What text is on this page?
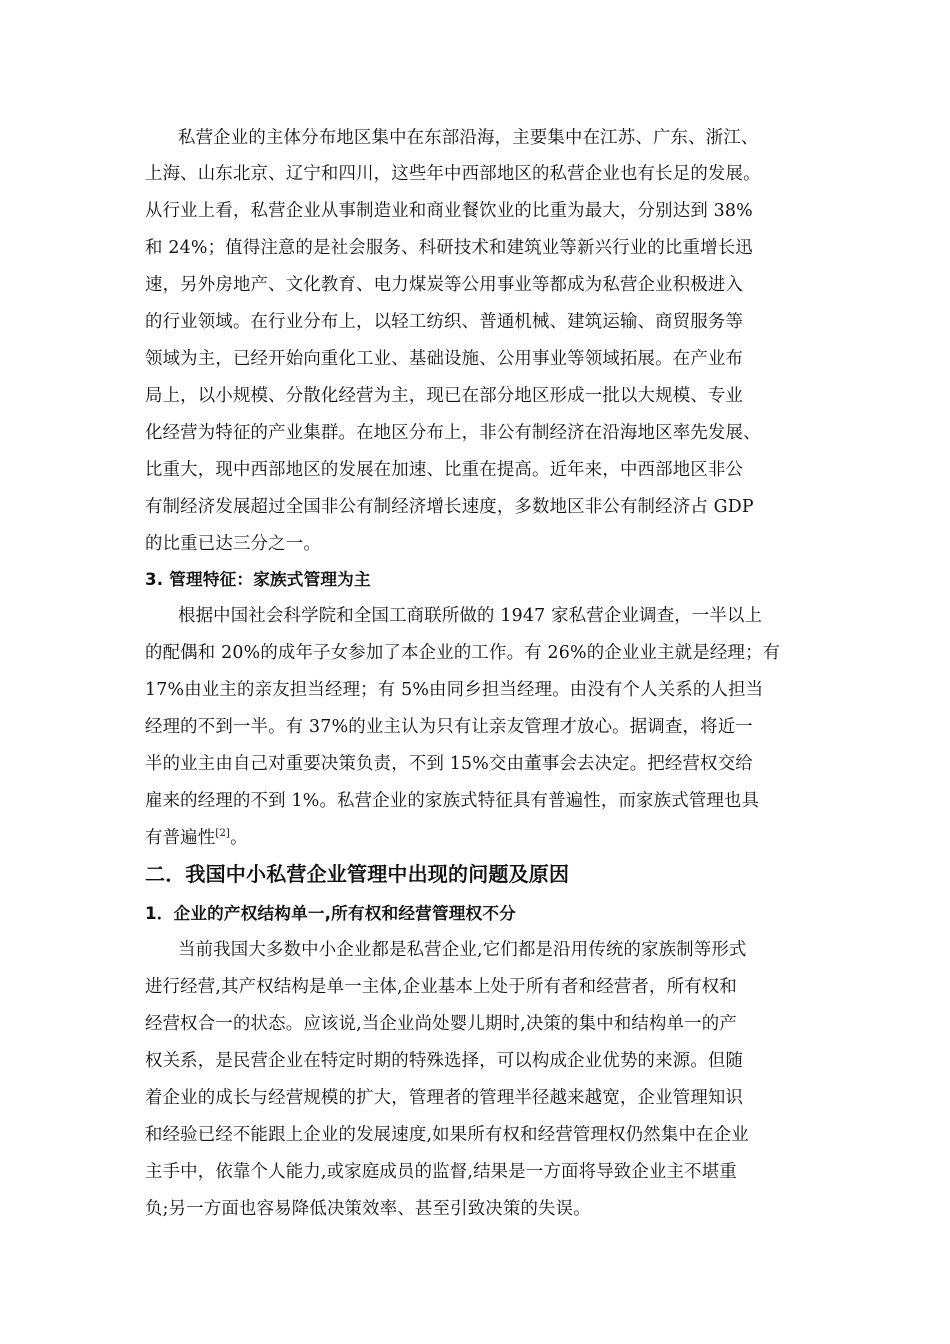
私营企业的主体分布地区集中在东部沿海，主要集中在江苏、广东、浙江、
上海、山东北京、辽宁和四川，这些年中西部地区的私营企业也有长足的发展。
从行业上看，私营企业从事制造业和商业餐饮业的比重为最大，分别达到 38%
和 24%；值得注意的是社会服务、科研技术和建筑业等新兴行业的比重增长迅
速，另外房地产、文化教育、电力煤炭等公用事业等都成为私营企业积极进入
的行业领域。在行业分布上，以轻工纺织、普通机械、建筑运输、商贸服务等
领域为主，已经开始向重化工业、基础设施、公用事业等领域拓展。在产业布
局上，以小规模、分散化经营为主，现已在部分地区形成一批以大规模、专业
化经营为特征的产业集群。在地区分布上，非公有制经济在沿海地区率先发展、
比重大，现中西部地区的发展在加速、比重在提高。近年来，中西部地区非公
有制经济发展超过全国非公有制经济增长速度，多数地区非公有制经济占 GDP
的比重已达三分之一。
3. 管理特征：家族式管理为主
根据中国社会科学院和全国工商联所做的 1947 家私营企业调查，一半以上
的配偶和 20%的成年子女参加了本企业的工作。有 26%的企业业主就是经理；有
17%由业主的亲友担当经理；有 5%由同乡担当经理。由没有个人关系的人担当
经理的不到一半。有 37%的业主认为只有让亲友管理才放心。据调查，将近一
半的业主由自己对重要决策负责，不到 15%交由董事会去决定。把经营权交给
雇来的经理的不到 1%。私营企业的家族式特征具有普遍性，而家族式管理也具
有普遍性[2]。
二．我国中小私营企业管理中出现的问题及原因
1．企业的产权结构单一,所有权和经营管理权不分
当前我国大多数中小企业都是私营企业,它们都是沿用传统的家族制等形式
进行经营,其产权结构是单一主体,企业基本上处于所有者和经营者，所有权和
经营权合一的状态。应该说,当企业尚处婴儿期时,决策的集中和结构单一的产
权关系，是民营企业在特定时期的特殊选择，可以构成企业优势的来源。但随
着企业的成长与经营规模的扩大，管理者的管理半径越来越宽，企业管理知识
和经验已经不能跟上企业的发展速度,如果所有权和经营管理权仍然集中在企业
主手中，依靠个人能力,或家庭成员的监督,结果是一方面将导致企业主不堪重
负;另一方面也容易降低决策效率、甚至引致决策的失误。
